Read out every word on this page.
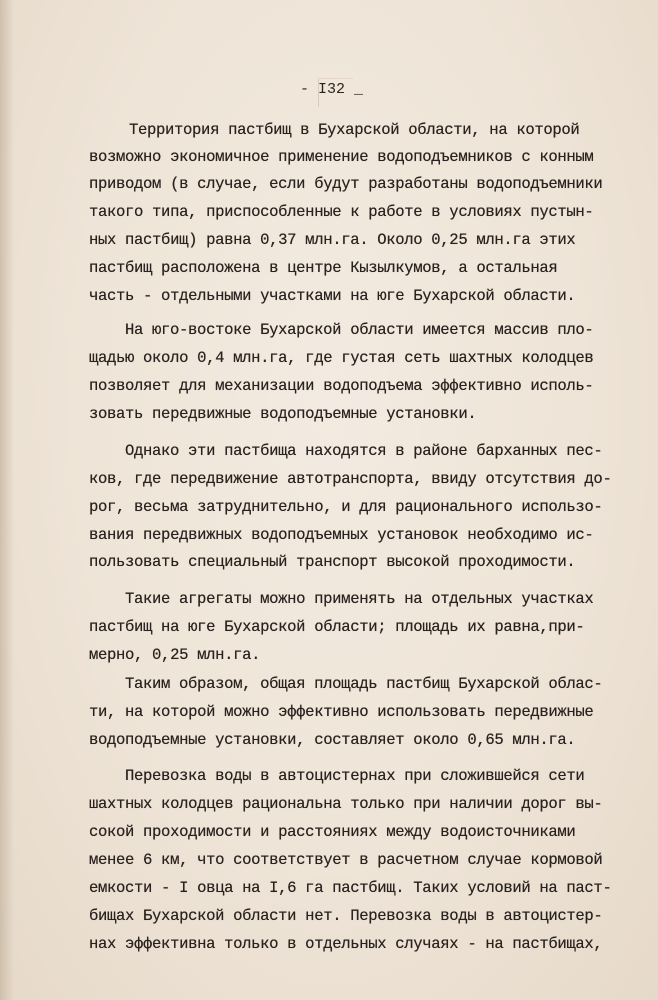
- I32 _
Территория пастбищ в Бухарской области, на которой
возможно экономичное применение водоподъемников с конным
приводом (в случае, если будут разработаны водоподъемники
такого типа, приспособленные к работе в условиях пустын-
ных пастбищ) равна 0,37 млн.га. Около 0,25 млн.га этих
пастбищ расположена в центре Кызылкумов, а остальная
часть - отдельными участками на юге Бухарской области.
На юго-востоке Бухарской области имеется массив пло-
щадью около 0,4 млн.га, где густая сеть шахтных колодцев
позволяет для механизации водоподъема эффективно исполь-
зовать передвижные водоподъемные установки.
Однако эти пастбища находятся в районе барханных пес-
ков, где передвижение автотранспорта, ввиду отсутствия до-
рог, весьма затруднительно, и для рационального использо-
вания передвижных водоподъемных установок необходимо ис-
пользовать специальный транспорт высокой проходимости.
Такие агрегаты можно применять на отдельных участках
пастбищ на юге Бухарской области; площадь их равна,при-
мерно, 0,25 млн.га.
Таким образом, общая площадь пастбищ Бухарской облас-
ти, на которой можно эффективно использовать передвижные
водоподъемные установки, составляет около 0,65 млн.га.
Перевозка воды в автоцистернах при сложившейся сети
шахтных колодцев рациональна только при наличии дорог вы-
сокой проходимости и расстояниях между водоисточниками
менее 6 км, что соответствует в расчетном случае кормовой
емкости - I овца на I,6 га пастбищ. Таких условий на паст-
бищах Бухарской области нет. Перевозка воды в автоцистер-
нах эффективна только в отдельных случаях - на пастбищах,
